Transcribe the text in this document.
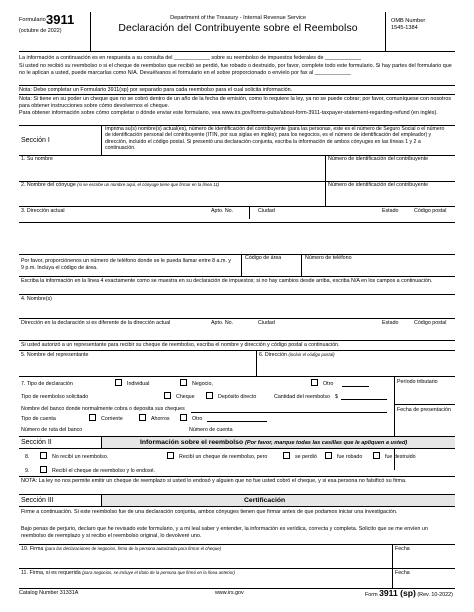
Formulario 3911
(octubre de 2022)
Department of the Treasury - Internal Revenue Service
Declaración del Contribuyente sobre el Reembolso
OMB Number
1545-1384
La información a continuación es en respuesta a su consulta del ____________ sobre su reembolso de impuestos federales de ____________
Si usted no recibió su reembolso o si el cheque de reembolso que recibió se perdió, fue robado o destruido, por favor, complete todo este formulario. Si hay partes del formulario que no le aplican a usted, puede marcarlas como N/A. Devuélvanos el formulario en el sobre proporcionado o envíelo por fax al ____________
Nota: Debe completar un Formulario 3911(sp) por separado para cada reembolso para el cual solicita información.
Nota: Si tiene en su poder un cheque que no se cobró dentro de un año de la fecha de emisión, como lo requiere la ley, ya no se puede cobrar; por favor, comuníquese con nosotros para obtener instrucciones sobre cómo devolvernos el cheque.
Para obtener información sobre cómo completar o dónde enviar este formulario, vea www.irs.gov/forms-pubs/about-form-3911-taxpayer-statement-regarding-refund (en inglés).
Sección I
Imprima su(s) nombre(s) actual(es), número de identificación del contribuyente (para las personas, este es el número de Seguro Social o el número de identificación personal del contribuyente (ITIN, por sus siglas en inglés); para los negocios, es el número de identificación del empleador) y dirección, incluido el código postal. Si presentó una declaración conjunta, escriba la información de ambos cónyuges en las líneas 1 y 2 a continuación.
1. Su nombre	Número de identificación del contribuyente
2. Nombre del cónyuge (si se escribe un nombre aquí, el cónyuge tiene que firmar en la línea 11)	Número de identificación del contribuyente
3. Dirección actual	Apto. No.	Ciudad	Estado	Código postal
Por favor, proporciónenos un número de teléfono donde se le pueda llamar entre 8 a.m. y 9 p.m. Incluya el código de área.
Código de área	Número de teléfono
Escriba la información en la línea 4 exactamente como se muestra en su declaración de impuestos; si no hay cambios desde arriba, escriba N/A en los campos a continuación.
4. Nombre(s)
Dirección en la declaración si es diferente de la dirección actual	Apto. No.	Ciudad	Estado	Código postal
Si usted autorizó a un representante para recibir su cheque de reembolso, escriba el nombre y dirección y código postal a continuación.
5. Nombre del representante	6. Dirección (incluir el código postal)
7. Tipo de declaración	Individual	Negocio,	Otro	Período tributario
Fecha de presentación
Tipo de reembolso solicitado	Cheque	Depósito directo	Cantidad del reembolso $
Nombre del banco donde normalmente cobra o deposita sus cheques
Tipo de cuenta	Corriente	Ahorros	Otro
Número de ruta del banco	Número de cuenta
Sección II	Información sobre el reembolso (Por favor, marque todas las casillas que le apliquen a usted)
8.	No recibí un reembolso.	Recibí un cheque de reembolso, pero	se perdió	fue robado	fue destruido
9.	Recibí el cheque de reembolso y lo endosé.
NOTA: La ley no nos permite emitir un cheque de reemplazo si usted lo endosó y alguien que no fue usted cobró el cheque, y si esa persona no falsificó su firma.
Sección III	Certificación
Firme a continuación. Si este reembolso fue de una declaración conjunta, ambos cónyuges tienen que firmar antes de que podamos iniciar una investigación.
Bajo penas de perjurio, declaro que he revisado este formulario, y a mi leal saber y entender, la información es verídica, correcta y completa. Solicito que se me envíen un reembolso de reemplazo y si recibo el reembolso original, lo devolveré uno.
10. Firma (para las declaraciones de negocios, firma de la persona autorizada para firmar el cheque)	Fecha
11. Firma, si es requerida (para negocios, se incluye el título de la persona que firmó en la línea anterior)	Fecha
Catalog Number 31331A	www.irs.gov	Form 3911 (sp) (Rev. 10-2022)
